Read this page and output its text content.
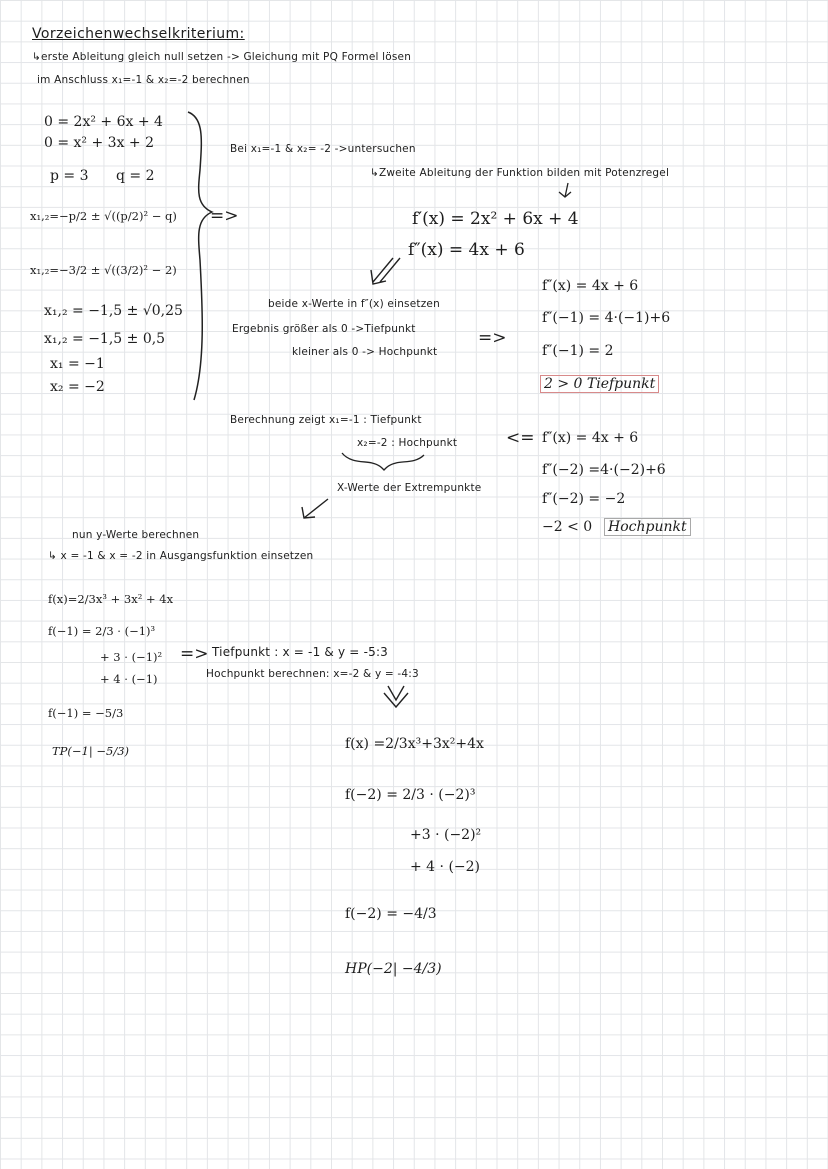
Vorzeichenwechselkriterium:
↳erste Ableitung gleich null setzen -> Gleichung mit PQ Formel lösen
im Anschluss x₁=-1 & x₂=-2 berechnen
0 = 2x² + 6x + 4
0 = x² + 3x + 2
p = 3 q = 2
x₁,₂=−p/2 ± √((p/2)² − q)
x₁,₂=−3/2 ± √((3/2)² − 2)
x₁,₂ = −1,5 ± √0,25
x₁,₂ = −1,5 ± 0,5
x₁ = −1
x₂ = −2
=>
Bei x₁=-1 & x₂= -2 ->untersuchen
↳Zweite Ableitung der Funktion bilden mit Potenzregel
f′(x) = 2x² + 6x + 4
f″(x) = 4x + 6
beide x-Werte in f″(x) einsetzen
Ergebnis größer als 0 ->Tiefpunkt
kleiner als 0 -> Hochpunkt
=>
f″(x) = 4x + 6
f″(−1) = 4·(−1)+6
f″(−1) = 2
2 > 0 Tiefpunkt
Berechnung zeigt x₁=-1 : Tiefpunkt
x₂=-2 : Hochpunkt	<=
X-Werte der Extrempunkte
f″(x) = 4x + 6
f″(−2) =4·(−2)+6
f″(−2) = −2
−2 < 0 Hochpunkt
nun y-Werte berechnen
↳ x = -1 & x = -2 in Ausgangsfunktion einsetzen
f(x)=2/3x³ + 3x² + 4x
f(−1) = 2/3 · (−1)³
+ 3 · (−1)²
+ 4 · (−1)
f(−1) = −5/3
TP(−1| −5/3)
=> Tiefpunkt : x = -1 & y = -5:3
Hochpunkt berechnen: x=-2 & y = -4:3
f(x) =2/3x³+3x²+4x
f(−2) = 2/3 · (−2)³
+3 · (−2)²
+ 4 · (−2)
f(−2) = −4/3
HP(−2| −4/3)
